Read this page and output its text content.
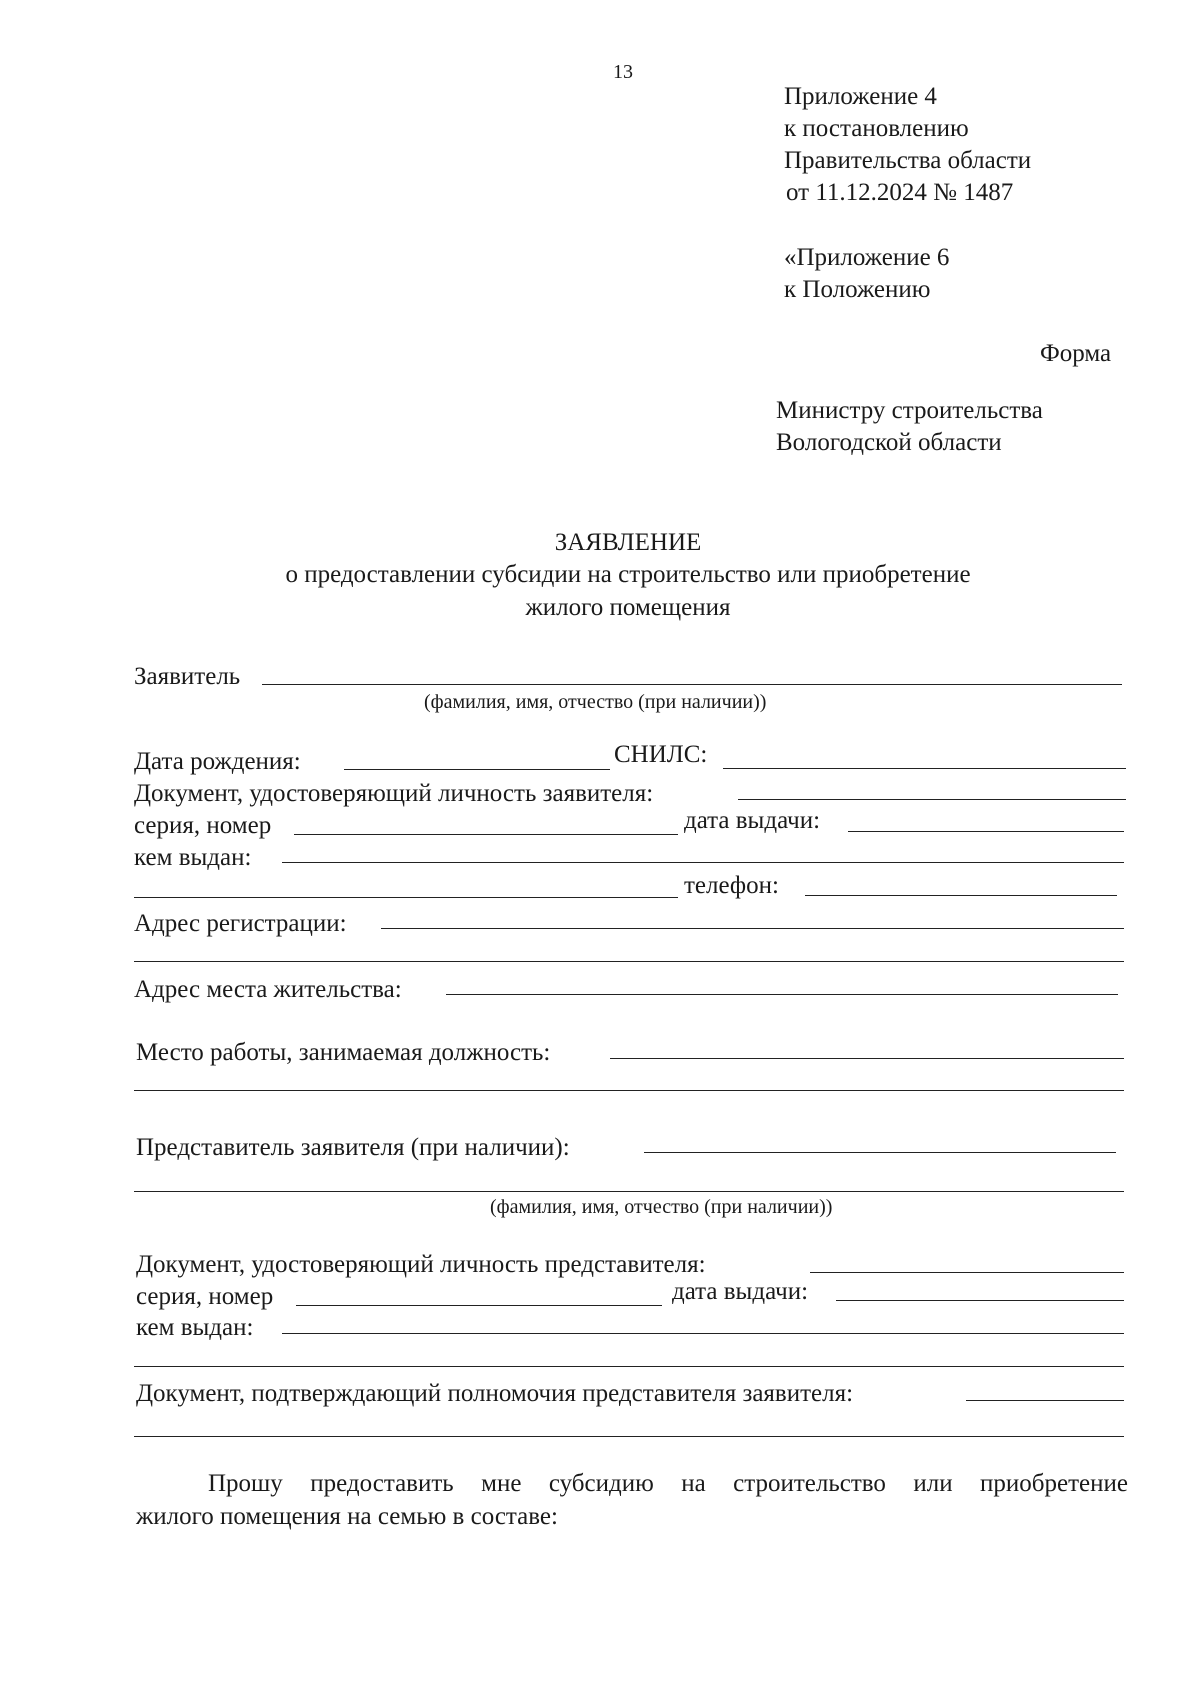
13
Приложение 4
к постановлению
Правительства области
от 11.12.2024 № 1487
«Приложение 6
к Положению
Форма
Министру строительства
Вологодской области
ЗАЯВЛЕНИЕ
о предоставлении субсидии на строительство или приобретение
жилого помещения
Заявитель
(фамилия, имя, отчество (при наличии))
Дата рождения:	СНИЛС:
Документ, удостоверяющий личность заявителя:
серия, номер	дата выдачи:
кем выдан:
телефон:
Адрес регистрации:
Адрес места жительства:
Место работы, занимаемая должность:
Представитель заявителя (при наличии):
(фамилия, имя, отчество (при наличии))
Документ, удостоверяющий личность представителя:
серия, номер	дата выдачи:
кем выдан:
Документ, подтверждающий полномочия представителя заявителя:
Прошу предоставить мне субсидию на строительство или приобретение
жилого помещения на семью в составе:
